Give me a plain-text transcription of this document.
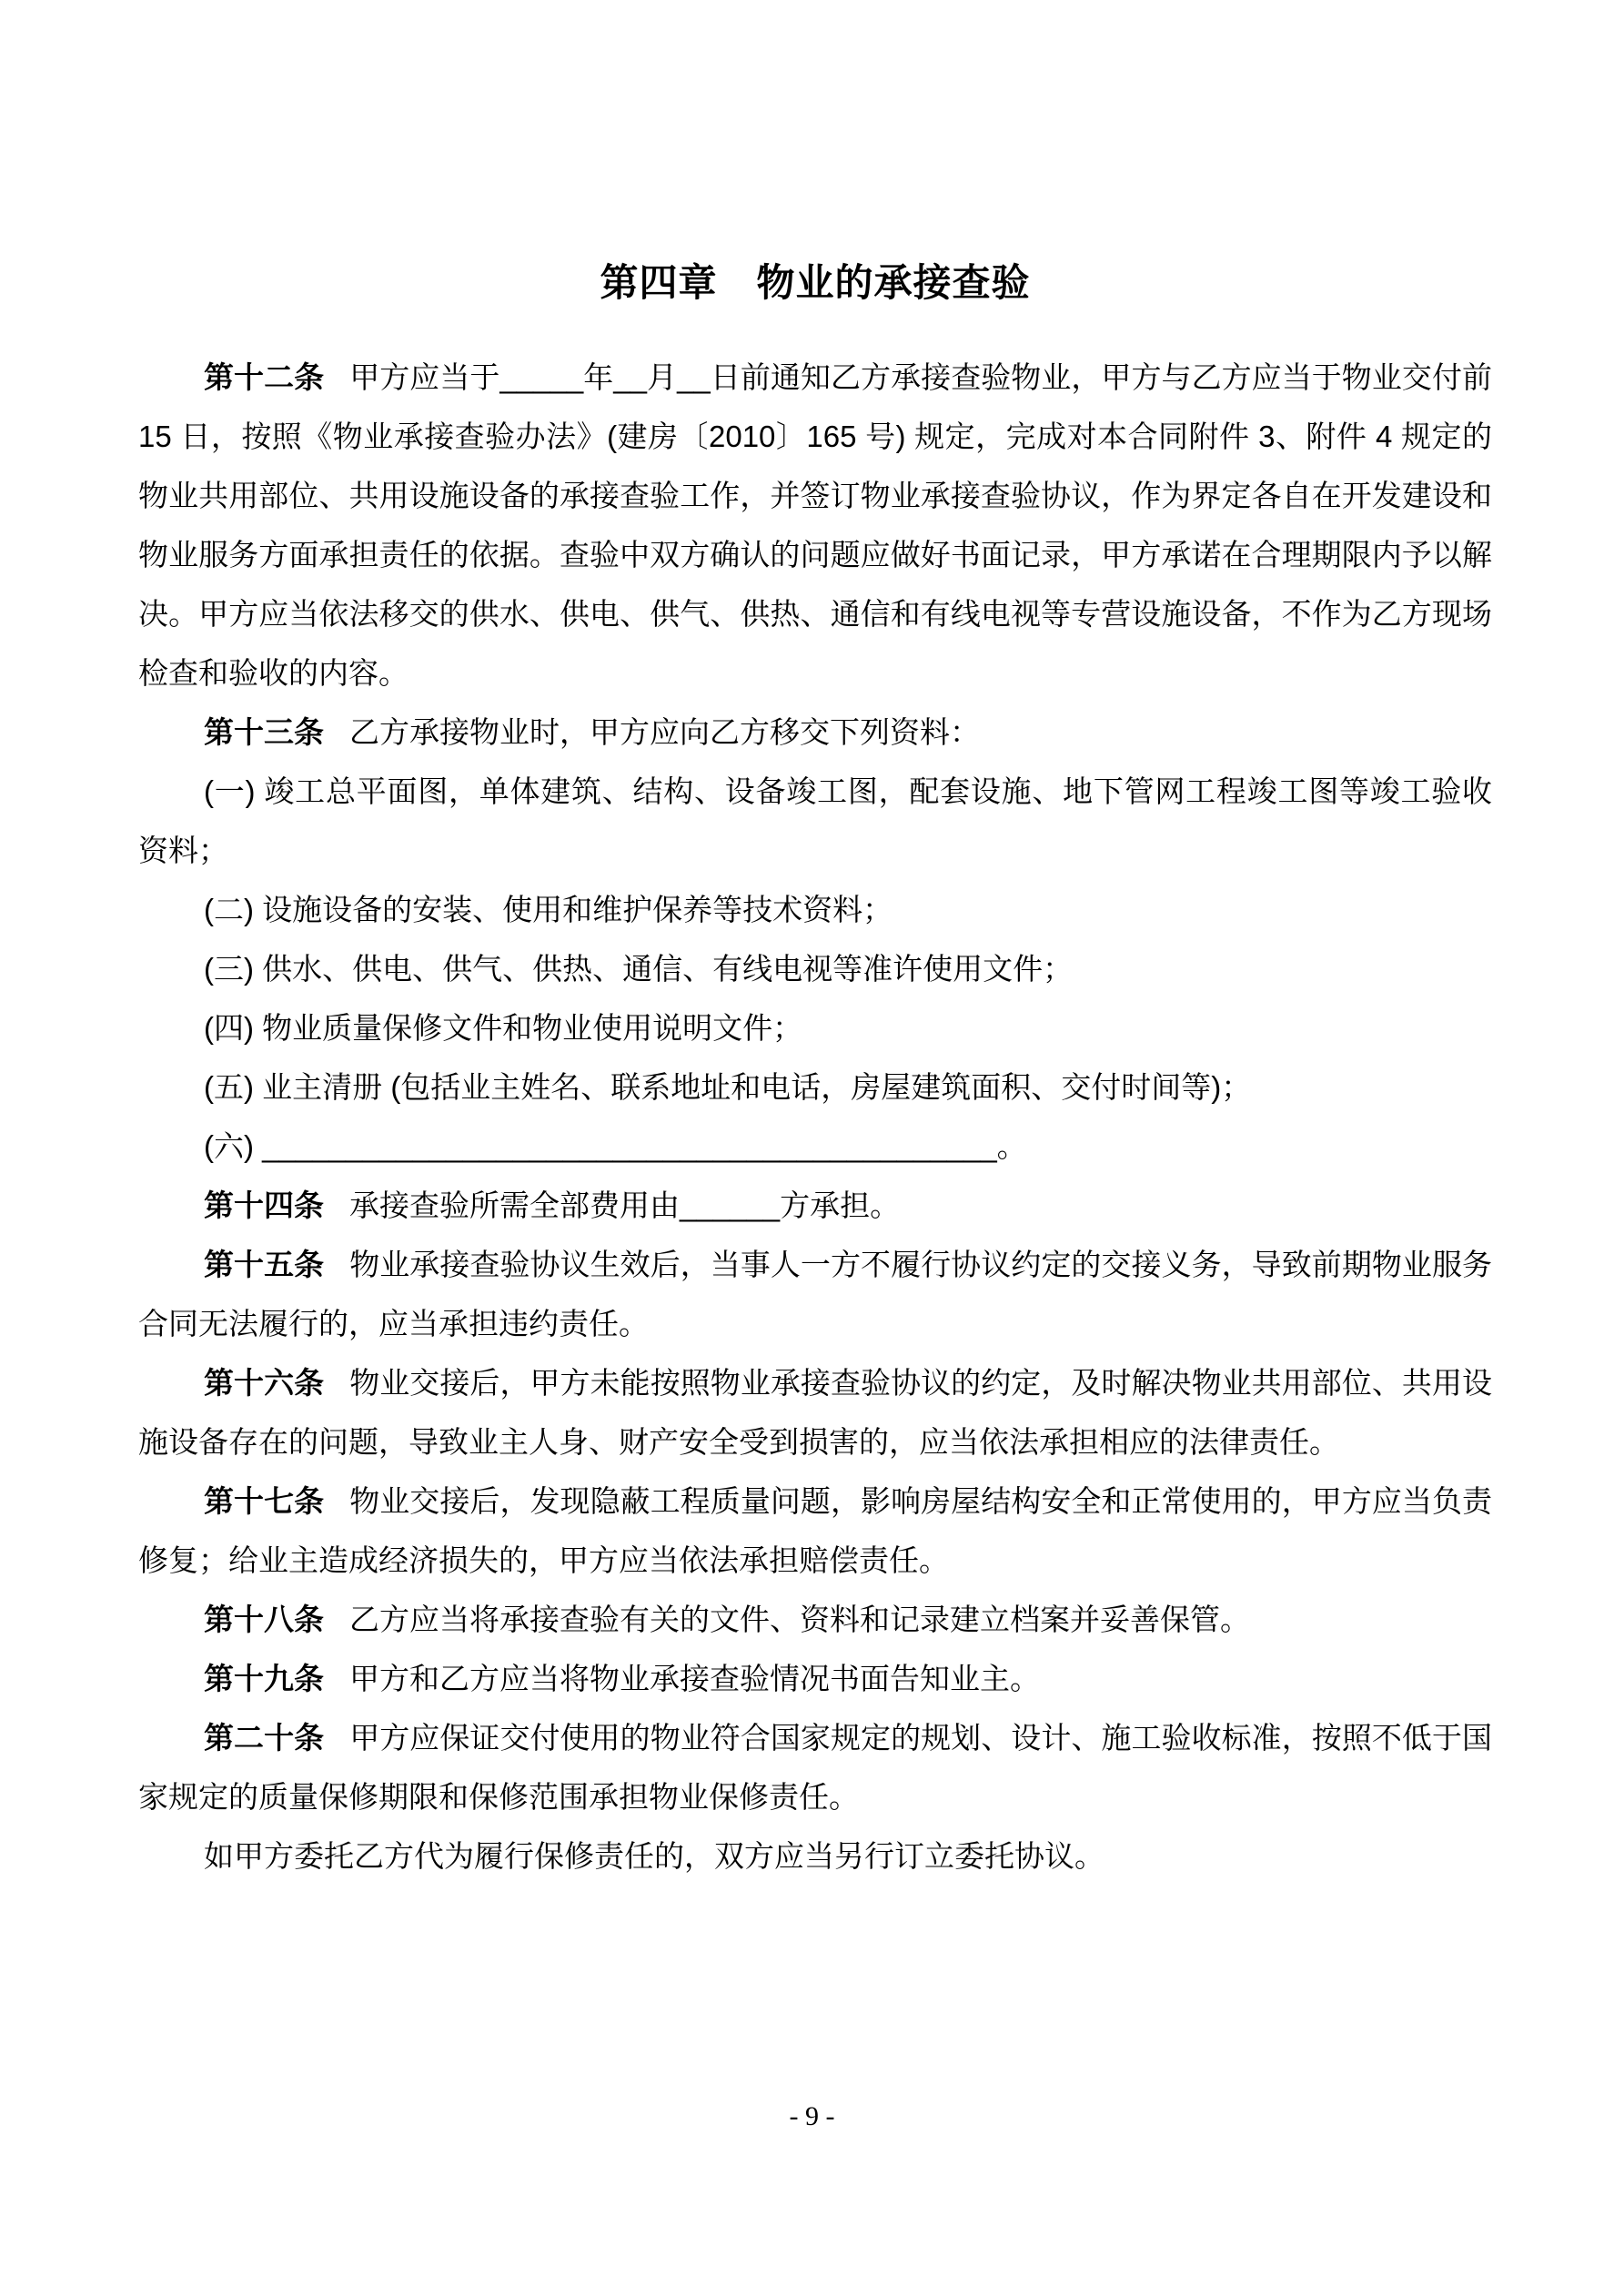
第四章　物业的承接查验

第十二条 甲方应当于_____年__月__日前通知乙方承接查验物业，甲方与乙方应当于物业交付前 15 日，按照《物业承接查验办法》(建房〔2010〕165 号) 规定，完成对本合同附件 3、附件 4 规定的物业共用部位、共用设施设备的承接查验工作，并签订物业承接查验协议，作为界定各自在开发建设和物业服务方面承担责任的依据。查验中双方确认的问题应做好书面记录，甲方承诺在合理期限内予以解决。甲方应当依法移交的供水、供电、供气、供热、通信和有线电视等专营设施设备，不作为乙方现场检查和验收的内容。

第十三条 乙方承接物业时，甲方应向乙方移交下列资料：

(一) 竣工总平面图，单体建筑、结构、设备竣工图，配套设施、地下管网工程竣工图等竣工验收资料；

(二) 设施设备的安装、使用和维护保养等技术资料；

(三) 供水、供电、供气、供热、通信、有线电视等准许使用文件；

(四) 物业质量保修文件和物业使用说明文件；

(五) 业主清册 (包括业主姓名、联系地址和电话，房屋建筑面积、交付时间等)；

(六) ____________________________________________。

第十四条 承接查验所需全部费用由______方承担。

第十五条 物业承接查验协议生效后，当事人一方不履行协议约定的交接义务，导致前期物业服务合同无法履行的，应当承担违约责任。

第十六条 物业交接后，甲方未能按照物业承接查验协议的约定，及时解决物业共用部位、共用设施设备存在的问题，导致业主人身、财产安全受到损害的，应当依法承担相应的法律责任。

第十七条 物业交接后，发现隐蔽工程质量问题，影响房屋结构安全和正常使用的，甲方应当负责修复；给业主造成经济损失的，甲方应当依法承担赔偿责任。

第十八条 乙方应当将承接查验有关的文件、资料和记录建立档案并妥善保管。

第十九条 甲方和乙方应当将物业承接查验情况书面告知业主。

第二十条 甲方应保证交付使用的物业符合国家规定的规划、设计、施工验收标准，按照不低于国家规定的质量保修期限和保修范围承担物业保修责任。

如甲方委托乙方代为履行保修责任的，双方应当另行订立委托协议。

- 9 -
